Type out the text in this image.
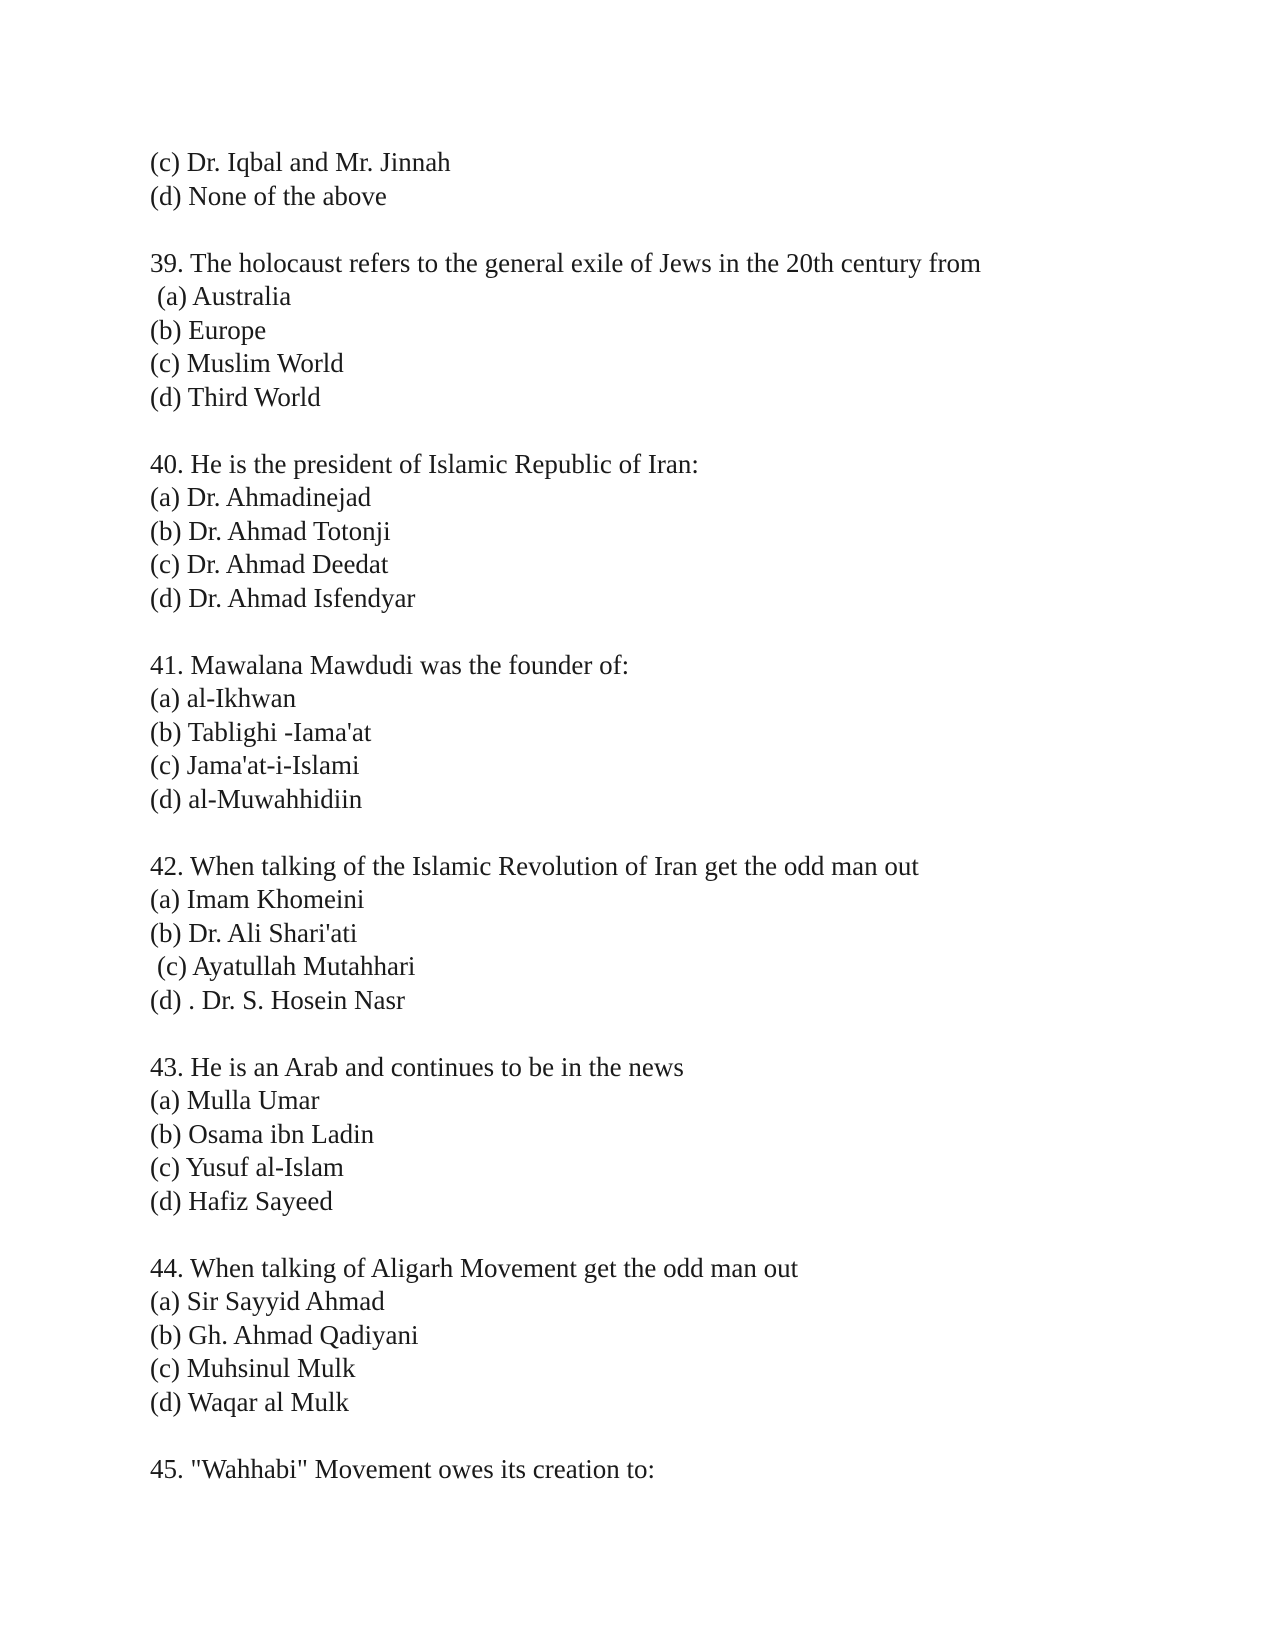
(c) Dr. Iqbal and Mr. Jinnah

(d) None of the above

39. The holocaust refers to the general exile of Jews in the 20th century from

(a) Australia

(b) Europe

(c) Muslim World

(d) Third World

40. He is the president of Islamic Republic of Iran:

(a) Dr. Ahmadinejad

(b) Dr. Ahmad Totonji

(c) Dr. Ahmad Deedat

(d) Dr. Ahmad Isfendyar

41. Mawalana Mawdudi was the founder of:

(a) al-Ikhwan

(b) Tablighi -Iama'at

(c) Jama'at-i-Islami

(d) al-Muwahhidiin

42. When talking of the Islamic Revolution of Iran get the odd man out

(a) Imam Khomeini

(b) Dr. Ali Shari'ati

(c) Ayatullah Mutahhari

(d) . Dr. S. Hosein Nasr

43. He is an Arab and continues to be in the news

(a) Mulla Umar

(b) Osama ibn Ladin

(c) Yusuf al-Islam

(d) Hafiz Sayeed

44. When talking of Aligarh Movement get the odd man out

(a) Sir Sayyid Ahmad

(b) Gh. Ahmad Qadiyani

(c) Muhsinul Mulk

(d) Waqar al Mulk

45. "Wahhabi" Movement owes its creation to:
